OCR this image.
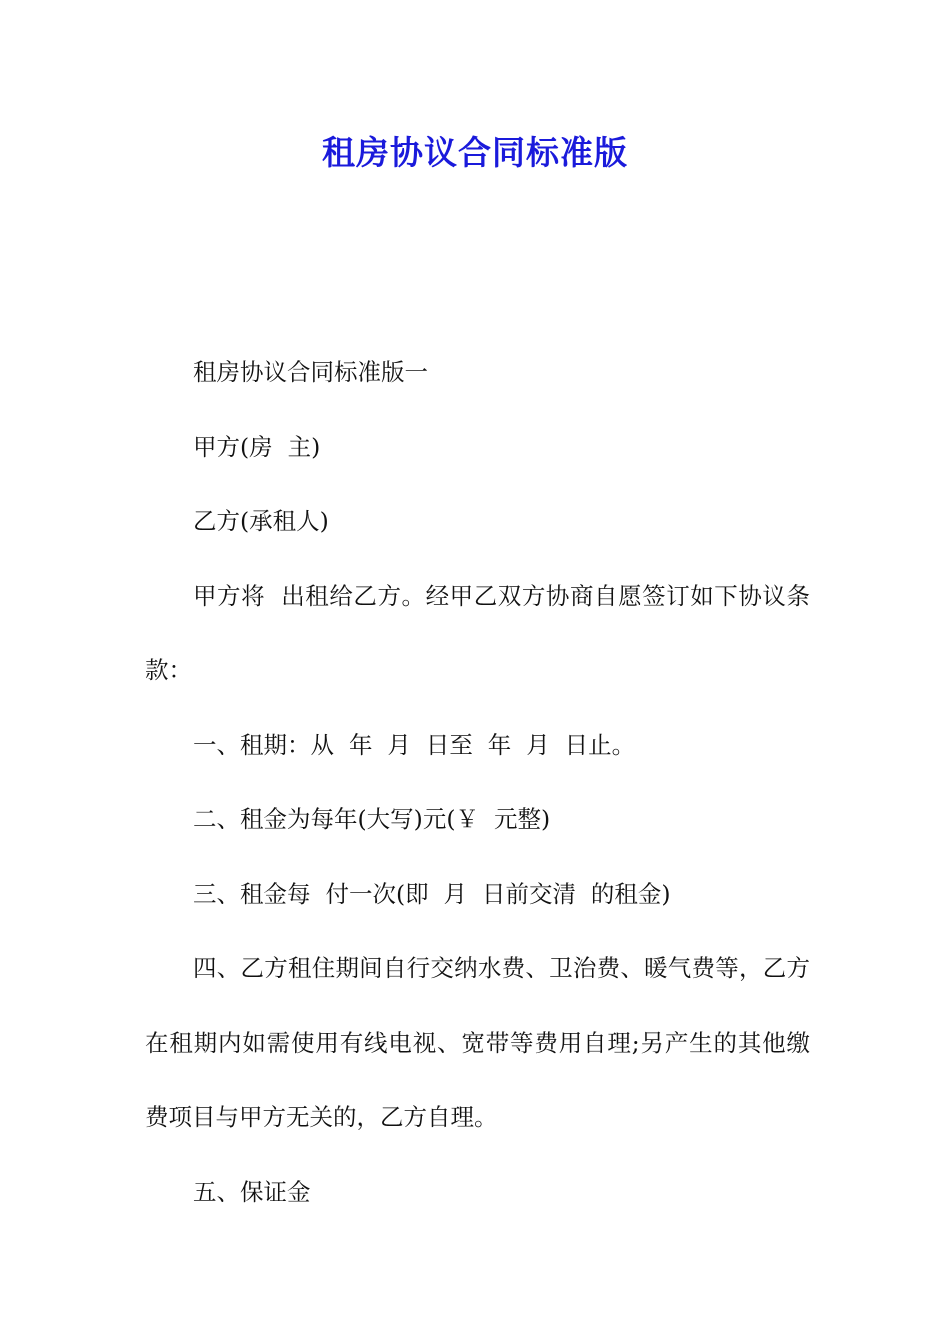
租房协议合同标准版

租房协议合同标准版一

甲方(房  主)

乙方(承租人)

甲方将  出租给乙方。经甲乙双方协商自愿签订如下协议条款：

一、租期：从  年  月  日至  年  月  日止。

二、租金为每年(大写)元(￥  元整)

三、租金每  付一次(即  月  日前交清  的租金)

四、乙方租住期间自行交纳水费、卫治费、暖气费等，乙方在租期内如需使用有线电视、宽带等费用自理;另产生的其他缴费项目与甲方无关的，乙方自理。

五、保证金
